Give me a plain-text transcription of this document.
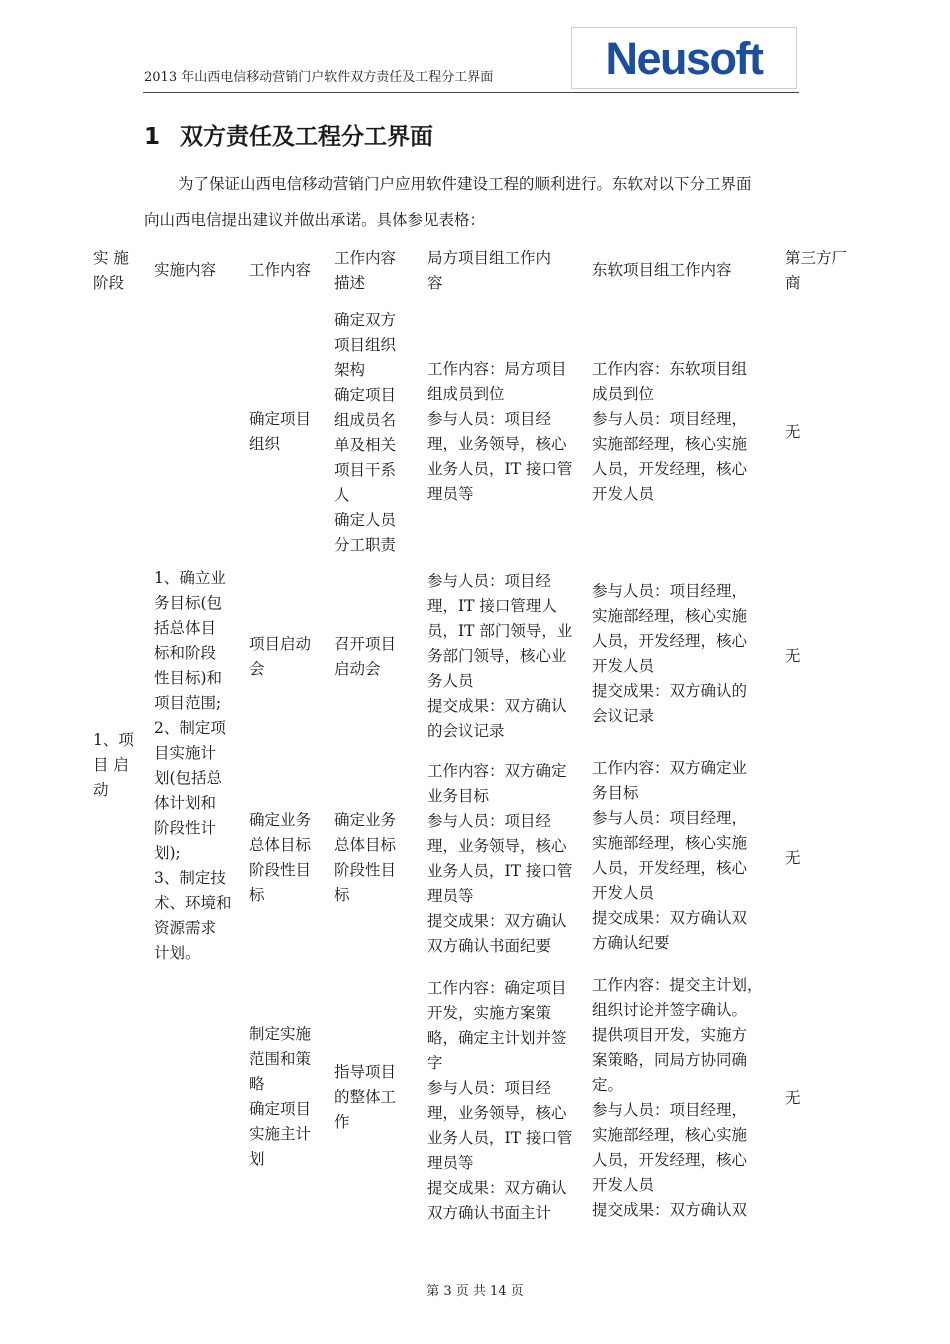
2013 年山西电信移动营销门户软件双方责任及工程分工界面 Neusoft
1 双方责任及工程分工界面
为了保证山西电信移动营销门户应用软件建设工程的顺利进行。东软对以下分工界面
向山西电信提出建议并做出承诺。具体参见表格：
实 施
阶段
实施内容	工作内容
工作内容
描述
局方项目组工作内
容
东软项目组工作内容
第三方厂
商
1、项
目 启
动
1、确立业
务目标(包
括总体目
标和阶段
性目标)和
项目范围;
2、制定项
目实施计
划(包括总
体计划和
阶段性计
划);
3、制定技
术、环境和
资源需求
计划。
确定项目
组织
确定双方
项目组织
架构
确定项目
组成员名
单及相关
项目干系
人
确定人员
分工职责
工作内容：局方项目
组成员到位
参与人员：项目经
理，业务领导，核心
业务人员，IT 接口管
理员等
工作内容：东软项目组
成员到位
参与人员：项目经理，
实施部经理，核心实施
人员，开发经理，核心
开发人员
无
项目启动
会
召开项目
启动会
参与人员：项目经
理，IT 接口管理人
员，IT 部门领导，业
务部门领导，核心业
务人员
提交成果：双方确认
的会议记录
参与人员：项目经理，
实施部经理，核心实施
人员，开发经理，核心
开发人员
提交成果：双方确认的
会议记录
无
确定业务
总体目标
阶段性目
标
确定业务
总体目标
阶段性目
标
工作内容：双方确定
业务目标
参与人员：项目经
理，业务领导，核心
业务人员，IT 接口管
理员等
提交成果：双方确认
双方确认书面纪要
工作内容：双方确定业
务目标
参与人员：项目经理，
实施部经理，核心实施
人员，开发经理，核心
开发人员
提交成果：双方确认双
方确认纪要
无
制定实施
范围和策
略
确定项目
实施主计
划
指导项目
的整体工
作
工作内容：确定项目
开发，实施方案策
略，确定主计划并签
字
参与人员：项目经
理，业务领导，核心
业务人员，IT 接口管
理员等
提交成果：双方确认
双方确认书面主计
工作内容：提交主计划，
组织讨论并签字确认。
提供项目开发，实施方
案策略，同局方协同确
定。
参与人员：项目经理，
实施部经理，核心实施
人员，开发经理，核心
开发人员
提交成果：双方确认双
无
第 3 页 共 14 页
